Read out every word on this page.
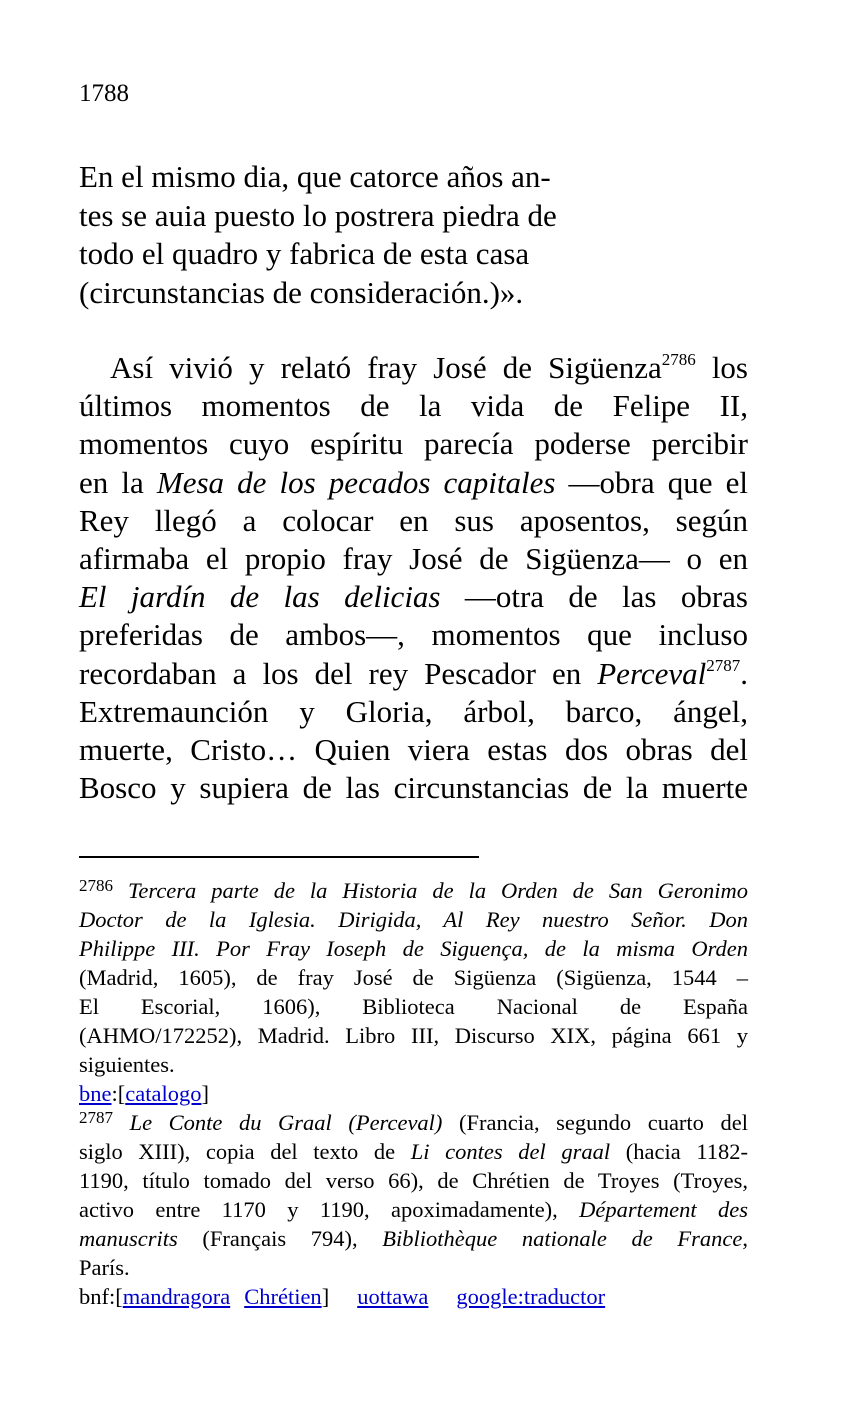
1788
En el mismo dia, que catorce años an-
tes se auia puesto lo postrera piedra de
todo el quadro y fabrica de esta casa
(circunstancias de consideración.)».
Así vivió y relató fray José de Sigüenza$^{2786}$ los
últimos momentos de la vida de Felipe II,
momentos cuyo espíritu parecía poderse percibir
en la Mesa de los pecados capitales —obra que el
Rey llegó a colocar en sus aposentos, según
afirmaba el propio fray José de Sigüenza— o en
El jardín de las delicias —otra de las obras
preferidas de ambos—, momentos que incluso
recordaban a los del rey Pescador en Perceval$^{2787}$.
Extremaunción y Gloria, árbol, barco, ángel,
muerte, Cristo… Quien viera estas dos obras del
Bosco y supiera de las circunstancias de la muerte
$^{2786}$ Tercera parte de la Historia de la Orden de San Geronimo
Doctor de la Iglesia. Dirigida, Al Rey nuestro Señor. Don
Philippe III. Por Fray Ioseph de Siguença, de la misma Orden
(Madrid, 1605), de fray José de Sigüenza (Sigüenza, 1544 –
El Escorial, 1606), Biblioteca Nacional de España
(AHMO/172252), Madrid. Libro III, Discurso XIX, página 661 y
siguientes.
bne:[catalogo]
$^{2787}$ Le Conte du Graal (Perceval) (Francia, segundo cuarto del
siglo XIII), copia del texto de Li contes del graal (hacia 1182-
1190, título tomado del verso 66), de Chrétien de Troyes (Troyes,
activo entre 1170 y 1190, apoximadamente), Département des
manuscrits (Français 794), Bibliothèque nationale de France,
París.
bnf:[mandragora Chrétien] uottawa google:traductor
